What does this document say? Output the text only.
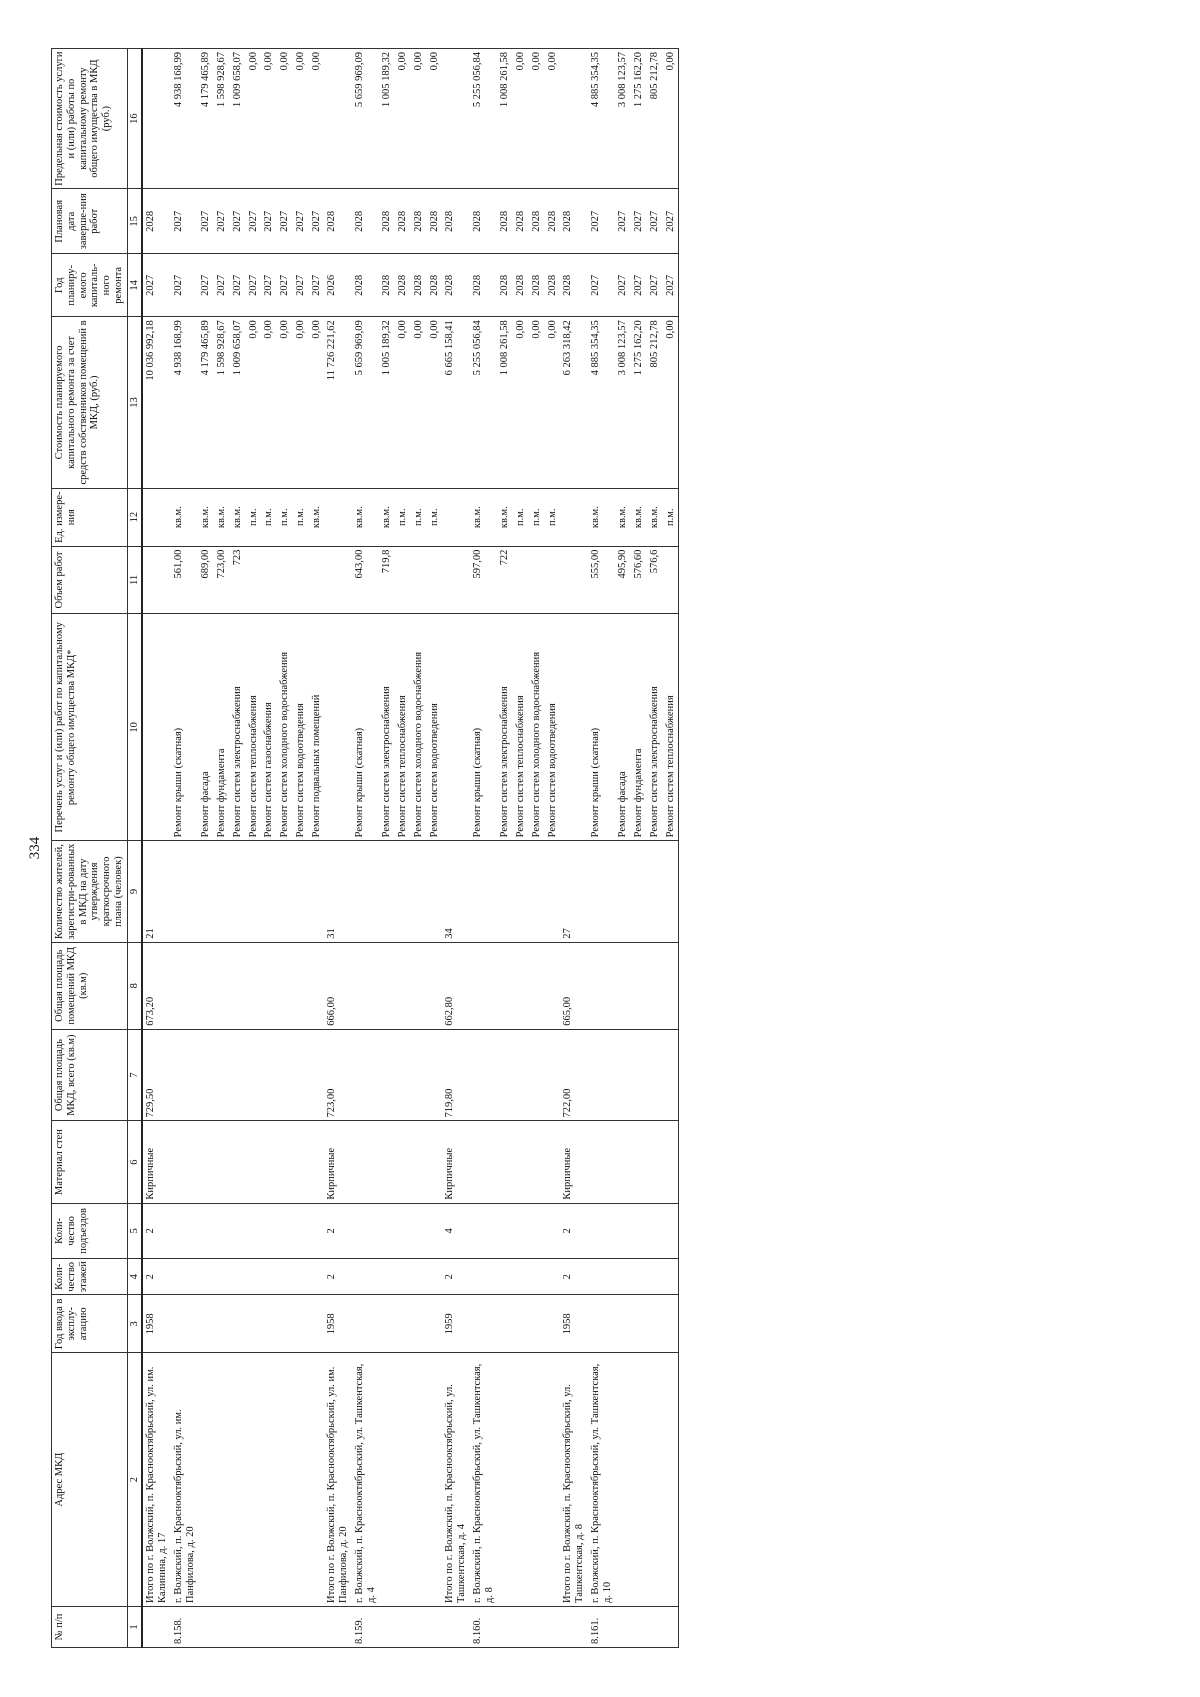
334
№ п/п	Адрес МКД	Год ввода в эксплу-атацию	Коли-чество этажей	Коли-чество подъездов	Материал стен	Общая площадь МКД, всего (кв.м)	Общая площадь помещений МКД (кв.м)	Количество жителей, зарегистри-рованных в МКД на дату утверждения краткосрочного плана (человек)	Перечень услуг и (или) работ по капитальному ремонту общего имущества МКД*	Объем работ	Ед. измере-ния	Стоимость планируемого капитального ремонта за счет средств собственников помещений в МКД, (руб.)	Год планиру-емого капиталь-ного ремонта	Плановая дата заверше-ния работ	Предельная стоимость услуги и (или) работы по капитальному ремонту общего имущества в МКД (руб.)
1	2	3	4	5	6	7	8	9	10	11	12	13	14	15	16
	Итого по г. Волжский, п. Краснооктябрьский, ул. им. Калинина, д. 17	1958	2	2	Кирпичные	729,50	673,20	21				10 036 992,18	2027	2028	
8.158.	г. Волжский, п. Краснооктябрьский, ул. им. Панфилова, д. 20								Ремонт крыши (скатная)	561,00	кв.м.	4 938 168,99	2027	2027	4 938 168,99
									Ремонт фасада	689,00	кв.м.	4 179 465,89	2027	2027	4 179 465,89
									Ремонт фундамента	723,00	кв.м.	1 598 928,67	2027	2027	1 598 928,67
									Ремонт систем электроснабжения	723	кв.м.	1 009 658,07	2027	2027	1 009 658,07
									Ремонт систем теплоснабжения		п.м.	0,00	2027	2027	0,00
									Ремонт систем газоснабжения		п.м.	0,00	2027	2027	0,00
									Ремонт систем холодного водоснабжения		п.м.	0,00	2027	2027	0,00
									Ремонт систем водоотведения		п.м.	0,00	2027	2027	0,00
									Ремонт подвальных помещений		кв.м.	0,00	2027	2027	0,00
	Итого по г. Волжский, п. Краснооктябрьский, ул. им. Панфилова, д. 20	1958	2	2	Кирпичные	723,00	666,00	31				11 726 221,62	2026	2028	
8.159.	г. Волжский, п. Краснооктябрьский, ул. Ташкентская, д. 4								Ремонт крыши (скатная)	643,00	кв.м.	5 659 969,09	2028	2028	5 659 969,09
									Ремонт систем электроснабжения	719,8	кв.м.	1 005 189,32	2028	2028	1 005 189,32
									Ремонт систем теплоснабжения		п.м.	0,00	2028	2028	0,00
									Ремонт систем холодного водоснабжения		п.м.	0,00	2028	2028	0,00
									Ремонт систем водоотведения		п.м.	0,00	2028	2028	0,00
	Итого по г. Волжский, п. Краснооктябрьский, ул. Ташкентская, д. 4	1959	2	4	Кирпичные	719,80	662,80	34				6 665 158,41	2028	2028	
8.160.	г. Волжский, п. Краснооктябрьский, ул. Ташкентская, д. 8								Ремонт крыши (скатная)	597,00	кв.м.	5 255 056,84	2028	2028	5 255 056,84
									Ремонт систем электроснабжения	722	кв.м.	1 008 261,58	2028	2028	1 008 261,58
									Ремонт систем теплоснабжения		п.м.	0,00	2028	2028	0,00
									Ремонт систем холодного водоснабжения		п.м.	0,00	2028	2028	0,00
									Ремонт систем водоотведения		п.м.	0,00	2028	2028	0,00
	Итого по г. Волжский, п. Краснооктябрьский, ул. Ташкентская, д. 8	1958	2	2	Кирпичные	722,00	665,00	27				6 263 318,42	2028	2028	
8.161.	г. Волжский, п. Краснооктябрьский, ул. Ташкентская, д. 10								Ремонт крыши (скатная)	555,00	кв.м.	4 885 354,35	2027	2027	4 885 354,35
									Ремонт фасада	495,90	кв.м.	3 008 123,57	2027	2027	3 008 123,57
									Ремонт фундамента	576,60	кв.м.	1 275 162,20	2027	2027	1 275 162,20
									Ремонт систем электроснабжения	576,6	кв.м.	805 212,78	2027	2027	805 212,78
									Ремонт систем теплоснабжения		п.м.	0,00	2027	2027	0,00
